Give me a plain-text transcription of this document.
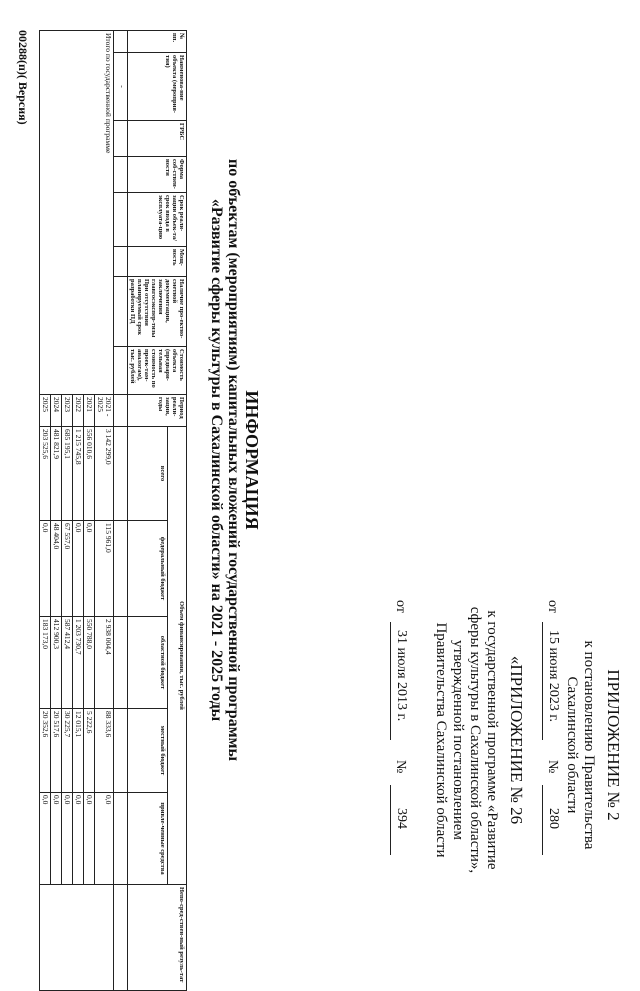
ПРИЛОЖЕНИЕ № 2
к постановлению Правительства
Сахалинской области
от
15 июня 2023 г.
№
280
«ПРИЛОЖЕНИЕ № 26
к государственной программе «Развитие
сферы культуры в Сахалинской области»,
утвержденной постановлением
Правительства Сахалинской области
от
31 июля 2013 г.
№
394
ИНФОРМАЦИЯ
по объектам (мероприятиям) капитальных вложений государственной программы
«Развитие сферы культуры в Сахалинской области» на 2021 - 2025 годы
№ пп.	Наименова-ние объекта (мероприя-тия)	ГРБС	Форма соб-ствен-ности	Срок реали-зации объек-та/срок ввода в эксплуата-цию	Мощ-ность	Наличие про-ектно-сметной документации, заключения главгосэкспер-тизы При отсутствии планируемый срок разработки ПД	Стоимость объекта (предвари-тельная стоимость по проек-там-аналогам), тыс. рублей	Период реали-зации, годы	Объем финансирования, тыс. рублей					Непо-сред-ствен-ный резуль-тат
									всего	федеральный бюджет	областной бюджет	местный бюджет	привле-ченные средства	
	-													
Итого по государственной программе								2021 - 2025	3 142 299,0	115 961,0	2 938 004,4	88 333,6	0,0	
								2021	556 010,6	0,0	550 788,0	5 222,6	0,0	
								2022	1 215 745,8	0,0	1 203 730,7	12 015,1	0,0	
								2023	685 195,1	67 557,0	587 412,4	30 225,7	0,0	
								2024	481 821,9	48 404,0	412 900,3	20 517,6	0,0	
								2025	203 525,6	0,0	183 173,0	20 352,6	0,0	
00288(п)( Версия)
